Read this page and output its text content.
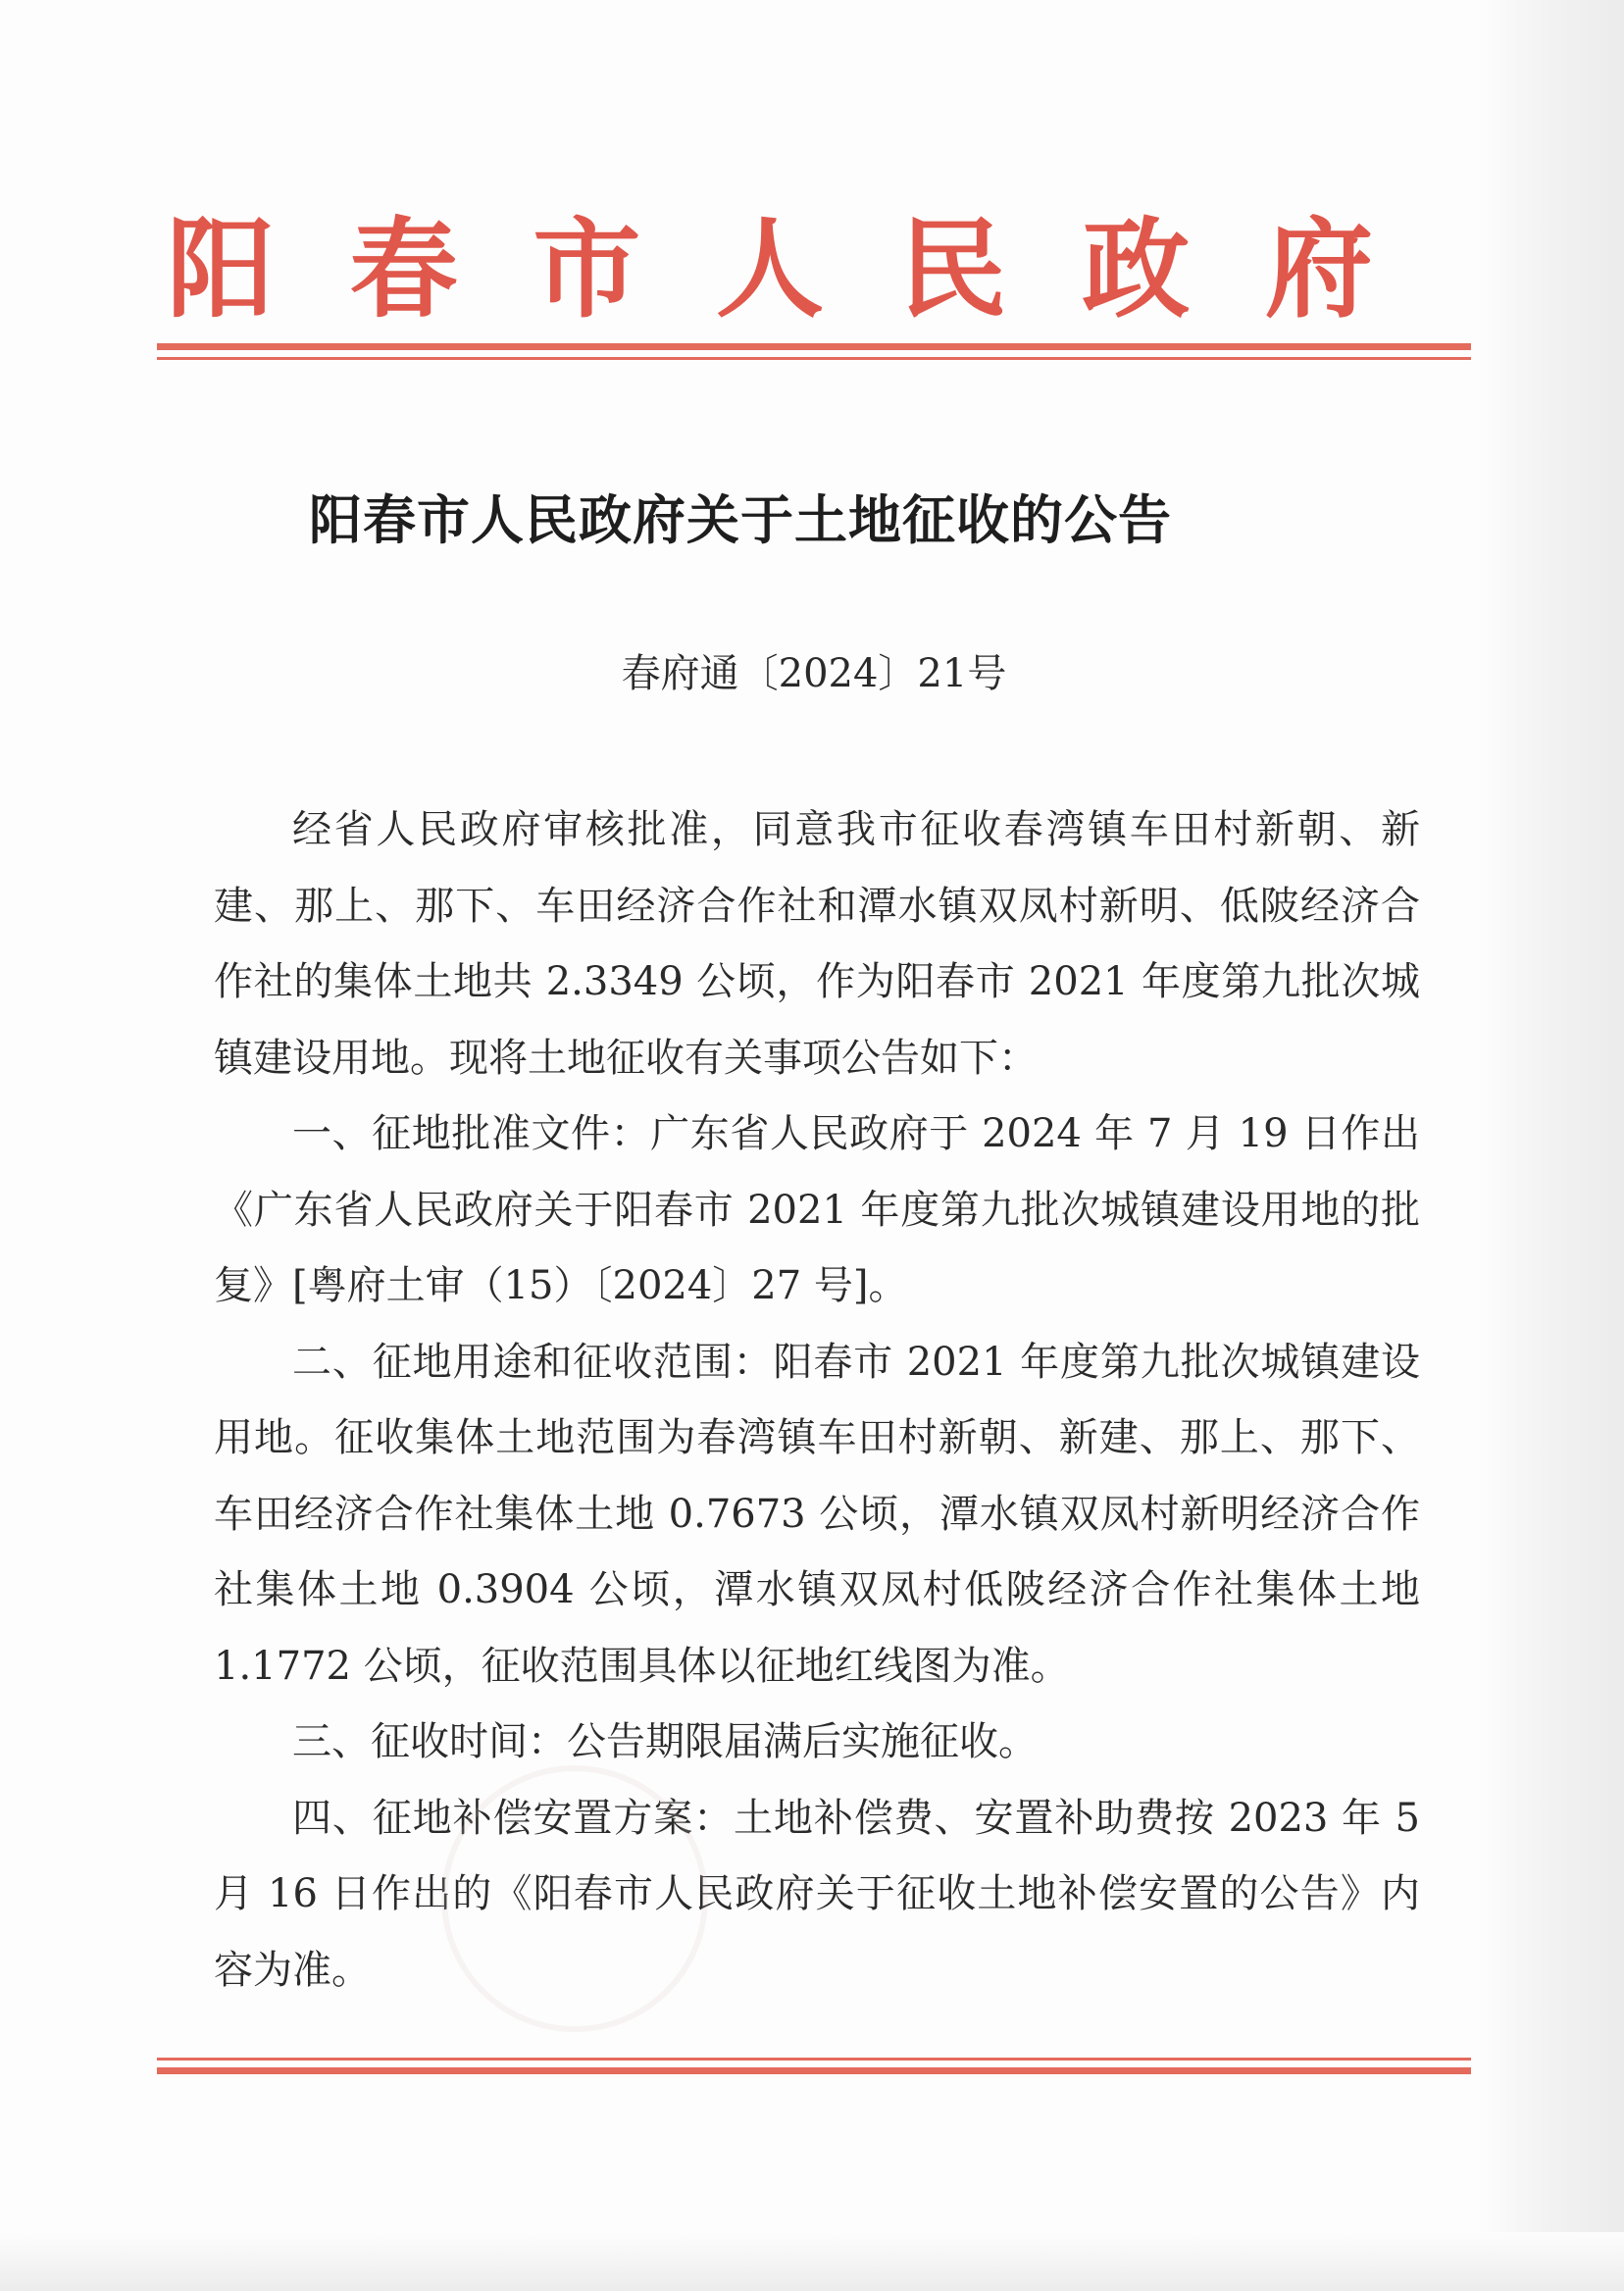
阳 春 市 人 民 政 府
阳春市人民政府关于土地征收的公告
春府通〔2024〕21号

经省人民政府审核批准，同意我市征收春湾镇车田村新朝、新建、那上、那下、车田经济合作社和潭水镇双凤村新明、低陂经济合作社的集体土地共 2.3349 公顷，作为阳春市 2021 年度第九批次城镇建设用地。现将土地征收有关事项公告如下：

一、征地批准文件：广东省人民政府于 2024 年 7 月 19 日作出《广东省人民政府关于阳春市 2021 年度第九批次城镇建设用地的批复》[粤府土审（15）〔2024〕27 号]。

二、征地用途和征收范围：阳春市 2021 年度第九批次城镇建设用地。征收集体土地范围为春湾镇车田村新朝、新建、那上、那下、车田经济合作社集体土地 0.7673 公顷，潭水镇双凤村新明经济合作社集体土地 0.3904 公顷，潭水镇双凤村低陂经济合作社集体土地 1.1772 公顷，征收范围具体以征地红线图为准。

三、征收时间：公告期限届满后实施征收。

四、征地补偿安置方案：土地补偿费、安置补助费按 2023 年 5 月 16 日作出的《阳春市人民政府关于征收土地补偿安置的公告》内容为准。
